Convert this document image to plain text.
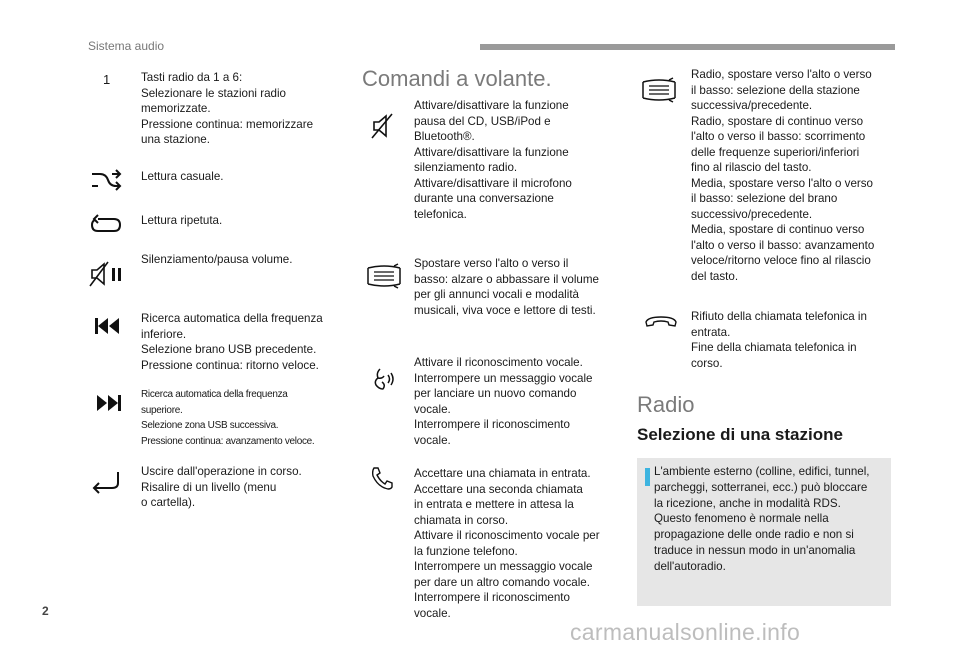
Sistema audio
1	Tasti radio da 1 a 6:
Selezionare le stazioni radio
memorizzate.
Pressione continua: memorizzare
una stazione.
Lettura casuale.
Lettura ripetuta.
Silenziamento/pausa volume.
Ricerca automatica della frequenza
inferiore.
Selezione brano USB precedente.
Pressione continua: ritorno veloce.
Ricerca automatica della frequenza
superiore.
Selezione zona USB successiva.
Pressione continua: avanzamento veloce.
Uscire dall'operazione in corso.
Risalire di un livello (menu
o cartella).
Comandi a volante.
Attivare/disattivare la funzione
pausa del CD, USB/iPod e
Bluetooth®.
Attivare/disattivare la funzione
silenziamento radio.
Attivare/disattivare il microfono
durante una conversazione
telefonica.
Spostare verso l'alto o verso il
basso: alzare o abbassare il volume
per gli annunci vocali e modalità
musicali, viva voce e lettore di testi.
Attivare il riconoscimento vocale.
Interrompere un messaggio vocale
per lanciare un nuovo comando
vocale.
Interrompere il riconoscimento
vocale.
Accettare una chiamata in entrata.
Accettare una seconda chiamata
in entrata e mettere in attesa la
chiamata in corso.
Attivare il riconoscimento vocale per
la funzione telefono.
Interrompere un messaggio vocale
per dare un altro comando vocale.
Interrompere il riconoscimento
vocale.
Radio, spostare verso l'alto o verso
il basso: selezione della stazione
successiva/precedente.
Radio, spostare di continuo verso
l'alto o verso il basso: scorrimento
delle frequenze superiori/inferiori
fino al rilascio del tasto.
Media, spostare verso l'alto o verso
il basso: selezione del brano
successivo/precedente.
Media, spostare di continuo verso
l'alto o verso il basso: avanzamento
veloce/ritorno veloce fino al rilascio
del tasto.
Rifiuto della chiamata telefonica in
entrata.
Fine della chiamata telefonica in
corso.
Radio
Selezione di una stazione
L'ambiente esterno (colline, edifici, tunnel,
parcheggi, sotterranei, ecc.) può bloccare
la ricezione, anche in modalità RDS.
Questo fenomeno è normale nella
propagazione delle onde radio e non si
traduce in nessun modo in un'anomalia
dell'autoradio.
2
carmanualsonline.info
